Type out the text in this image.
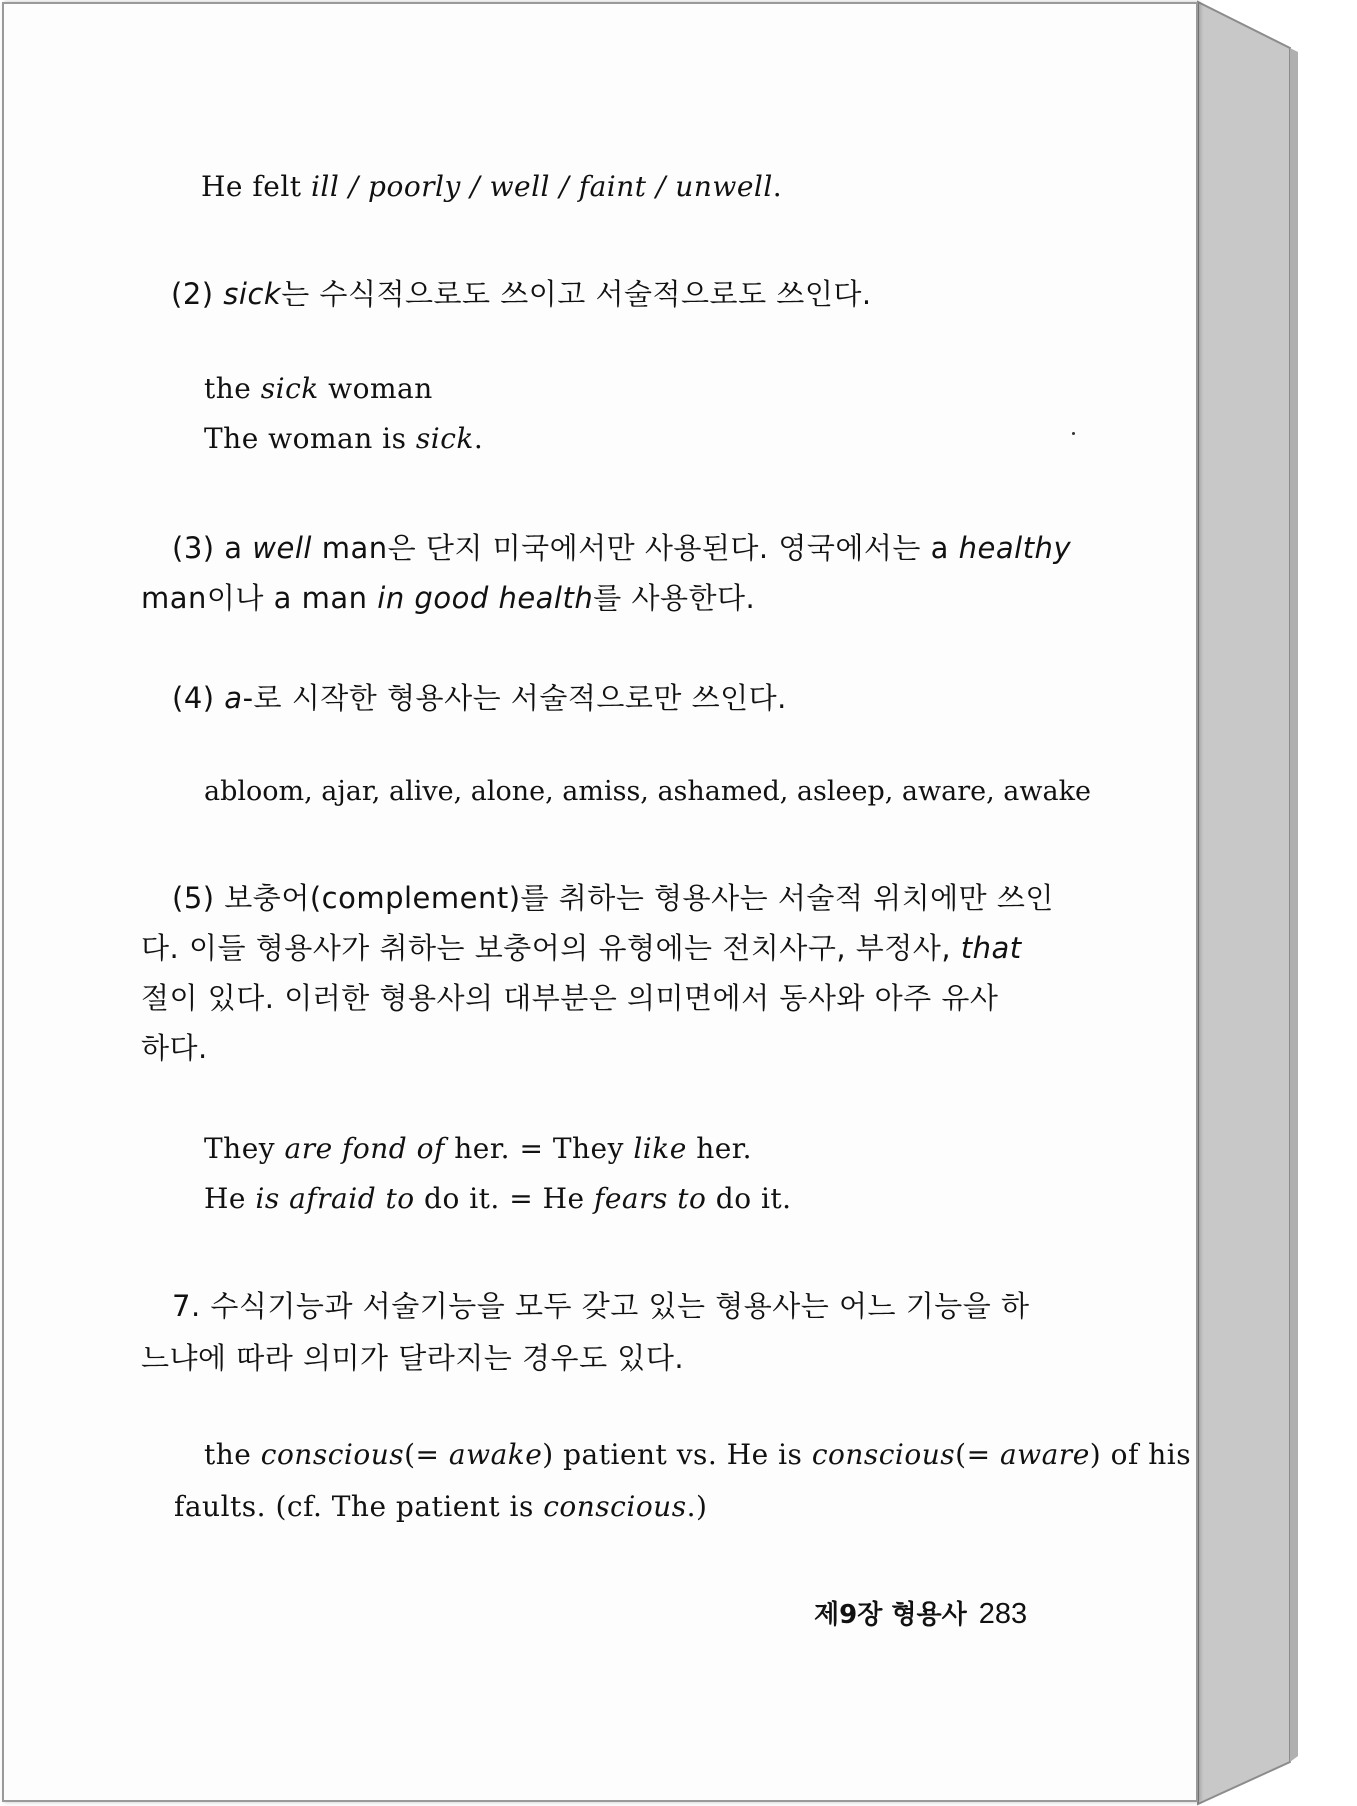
He felt ill / poorly / well / faint / unwell.
(2) sick는 수식적으로도 쓰이고 서술적으로도 쓰인다.
the sick woman
The woman is sick.
(3) a well man은 단지 미국에서만 사용된다. 영국에서는 a healthy
man이나 a man in good health를 사용한다.
(4) a-로 시작한 형용사는 서술적으로만 쓰인다.
abloom, ajar, alive, alone, amiss, ashamed, asleep, aware, awake
(5) 보충어(complement)를 취하는 형용사는 서술적 위치에만 쓰인
다. 이들 형용사가 취하는 보충어의 유형에는 전치사구, 부정사, that
절이 있다. 이러한 형용사의 대부분은 의미면에서 동사와 아주 유사
하다.
They are fond of her. = They like her.
He is afraid to do it. = He fears to do it.
7. 수식기능과 서술기능을 모두 갖고 있는 형용사는 어느 기능을 하
느냐에 따라 의미가 달라지는 경우도 있다.
the conscious(= awake) patient vs. He is conscious(= aware) of his
faults. (cf. The patient is conscious.)
제9장 형용사 283
